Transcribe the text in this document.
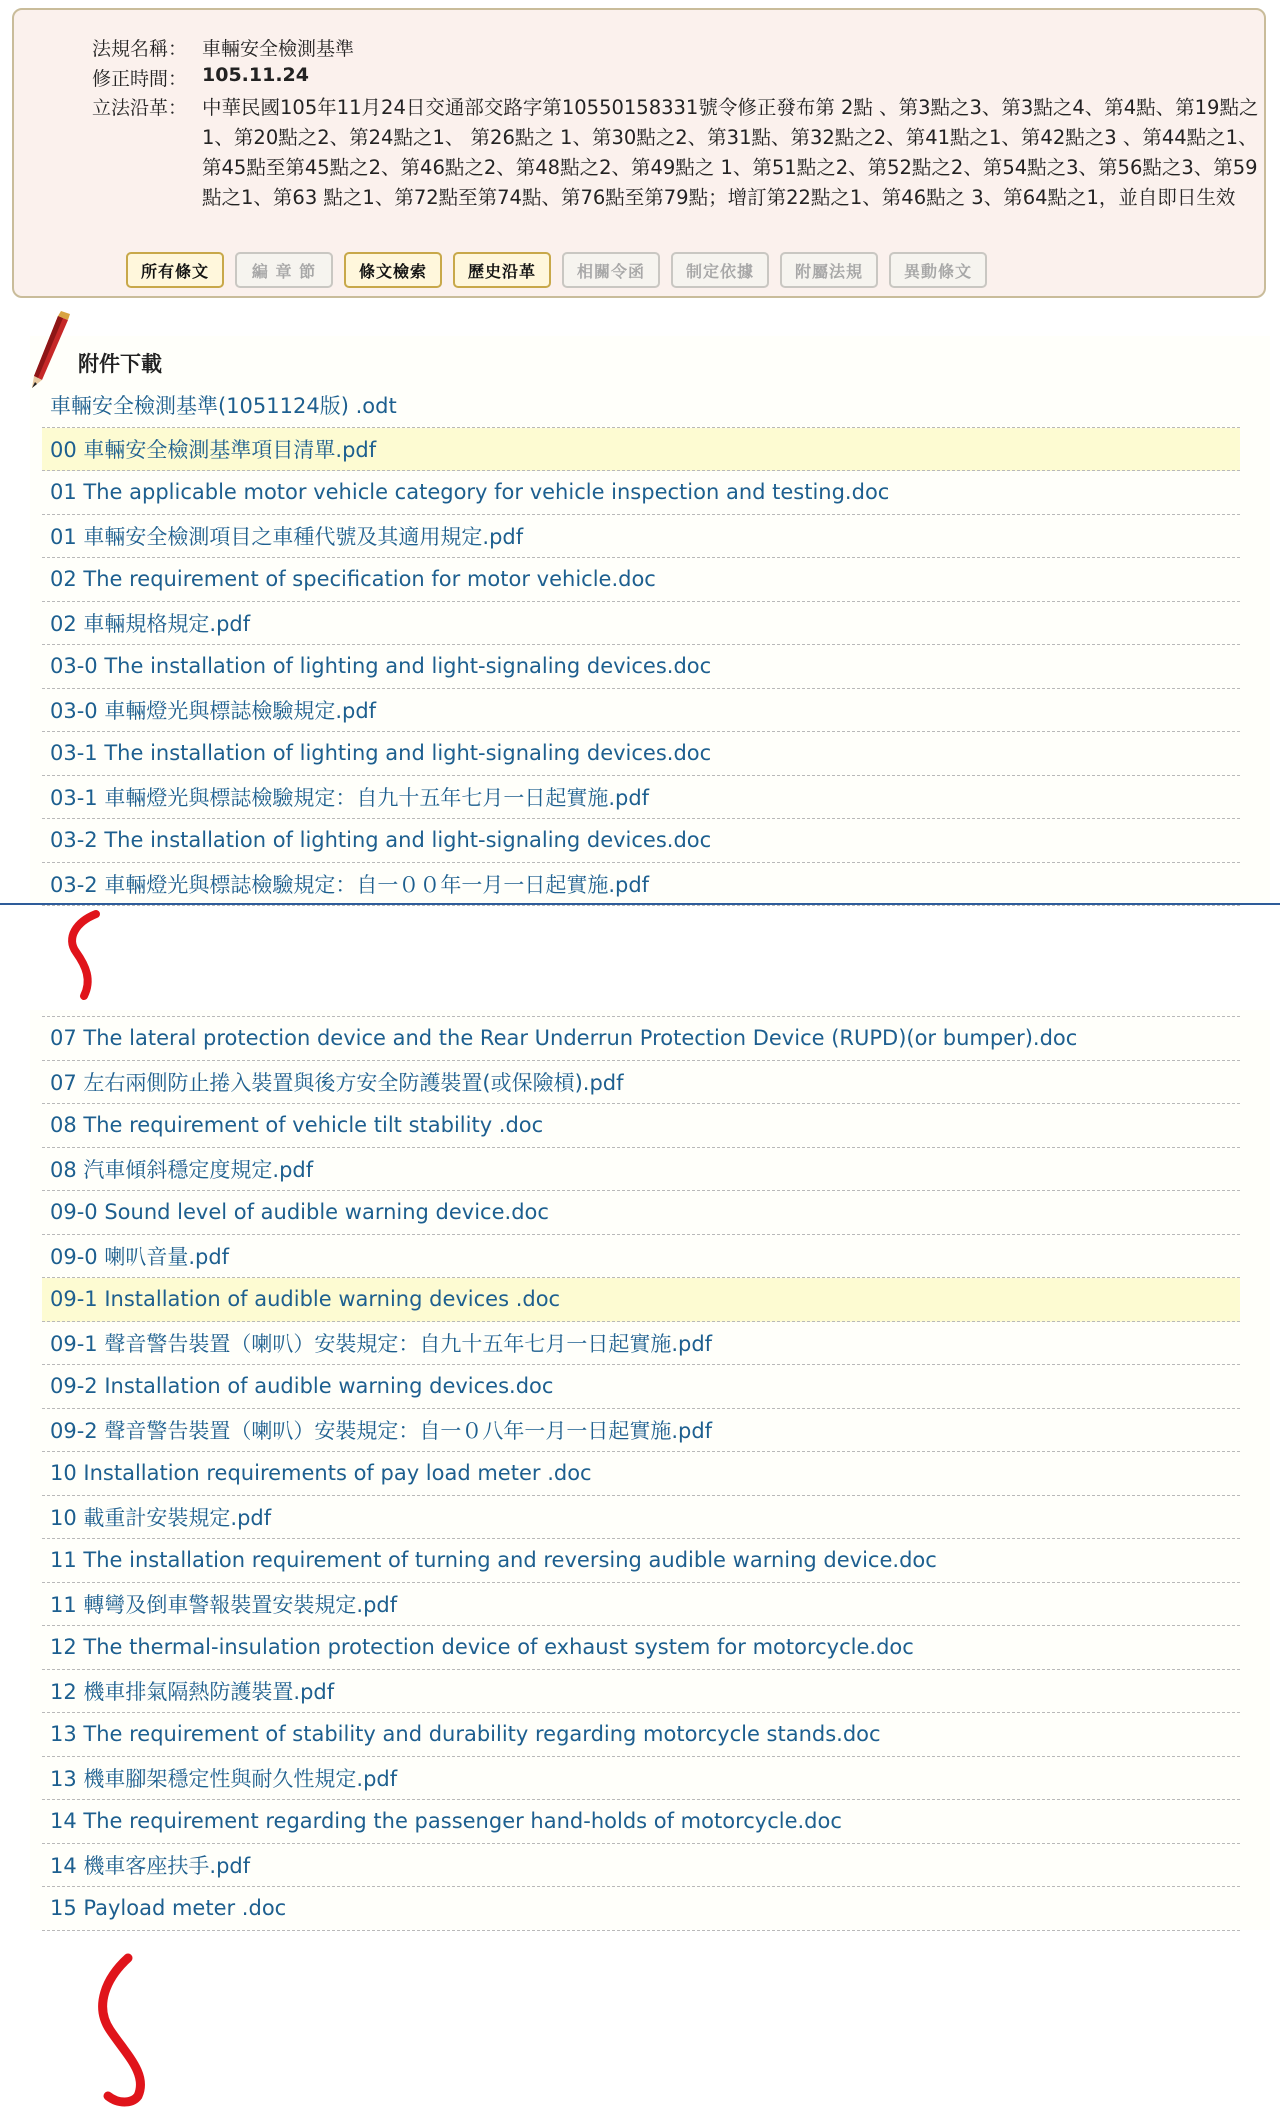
法規名稱： 車輛安全檢測基準
修正時間： 105.11.24
立法沿革： 中華民國105年11月24日交通部交路字第10550158331號令修正發布第 2點 、第3點之3、第3點之4、第4點、第19點之1、第20點之2、第24點之1、 第26點之 1、第30點之2、第31點、第32點之2、第41點之1、第42點之3 、第44點之1、第45點至第45點之2、第46點之2、第48點之2、第49點之 1、第51點之2、第52點之2、第54點之3、第56點之3、第59點之1、第63 點之1、第72點至第74點、第76點至第79點；增訂第22點之1、第46點之 3、第64點之1，並自即日生效
所有條文	編 章 節	條文檢索	歷史沿革	相關令函	制定依據	附屬法規	異動條文
附件下載
車輛安全檢測基準(1051124版) .odt
00 車輛安全檢測基準項目清單.pdf
01 The applicable motor vehicle category for vehicle inspection and testing.doc
01 車輛安全檢測項目之車種代號及其適用規定.pdf
02 The requirement of specification for motor vehicle.doc
02 車輛規格規定.pdf
03-0 The installation of lighting and light-signaling devices.doc
03-0 車輛燈光與標誌檢驗規定.pdf
03-1 The installation of lighting and light-signaling devices.doc
03-1 車輛燈光與標誌檢驗規定：自九十五年七月一日起實施.pdf
03-2 The installation of lighting and light-signaling devices.doc
03-2 車輛燈光與標誌檢驗規定：自一００年一月一日起實施.pdf
07 The lateral protection device and the Rear Underrun Protection Device (RUPD)(or bumper).doc
07 左右兩側防止捲入裝置與後方安全防護裝置(或保險槓).pdf
08 The requirement of vehicle tilt stability .doc
08 汽車傾斜穩定度規定.pdf
09-0 Sound level of audible warning device.doc
09-0 喇叭音量.pdf
09-1 Installation of audible warning devices .doc
09-1 聲音警告裝置（喇叭）安裝規定：自九十五年七月一日起實施.pdf
09-2 Installation of audible warning devices.doc
09-2 聲音警告裝置（喇叭）安裝規定：自一０八年一月一日起實施.pdf
10 Installation requirements of pay load meter .doc
10 載重計安裝規定.pdf
11 The installation requirement of turning and reversing audible warning device.doc
11 轉彎及倒車警報裝置安裝規定.pdf
12 The thermal-insulation protection device of exhaust system for motorcycle.doc
12 機車排氣隔熱防護裝置.pdf
13 The requirement of stability and durability regarding motorcycle stands.doc
13 機車腳架穩定性與耐久性規定.pdf
14 The requirement regarding the passenger hand-holds of motorcycle.doc
14 機車客座扶手.pdf
15 Payload meter .doc
